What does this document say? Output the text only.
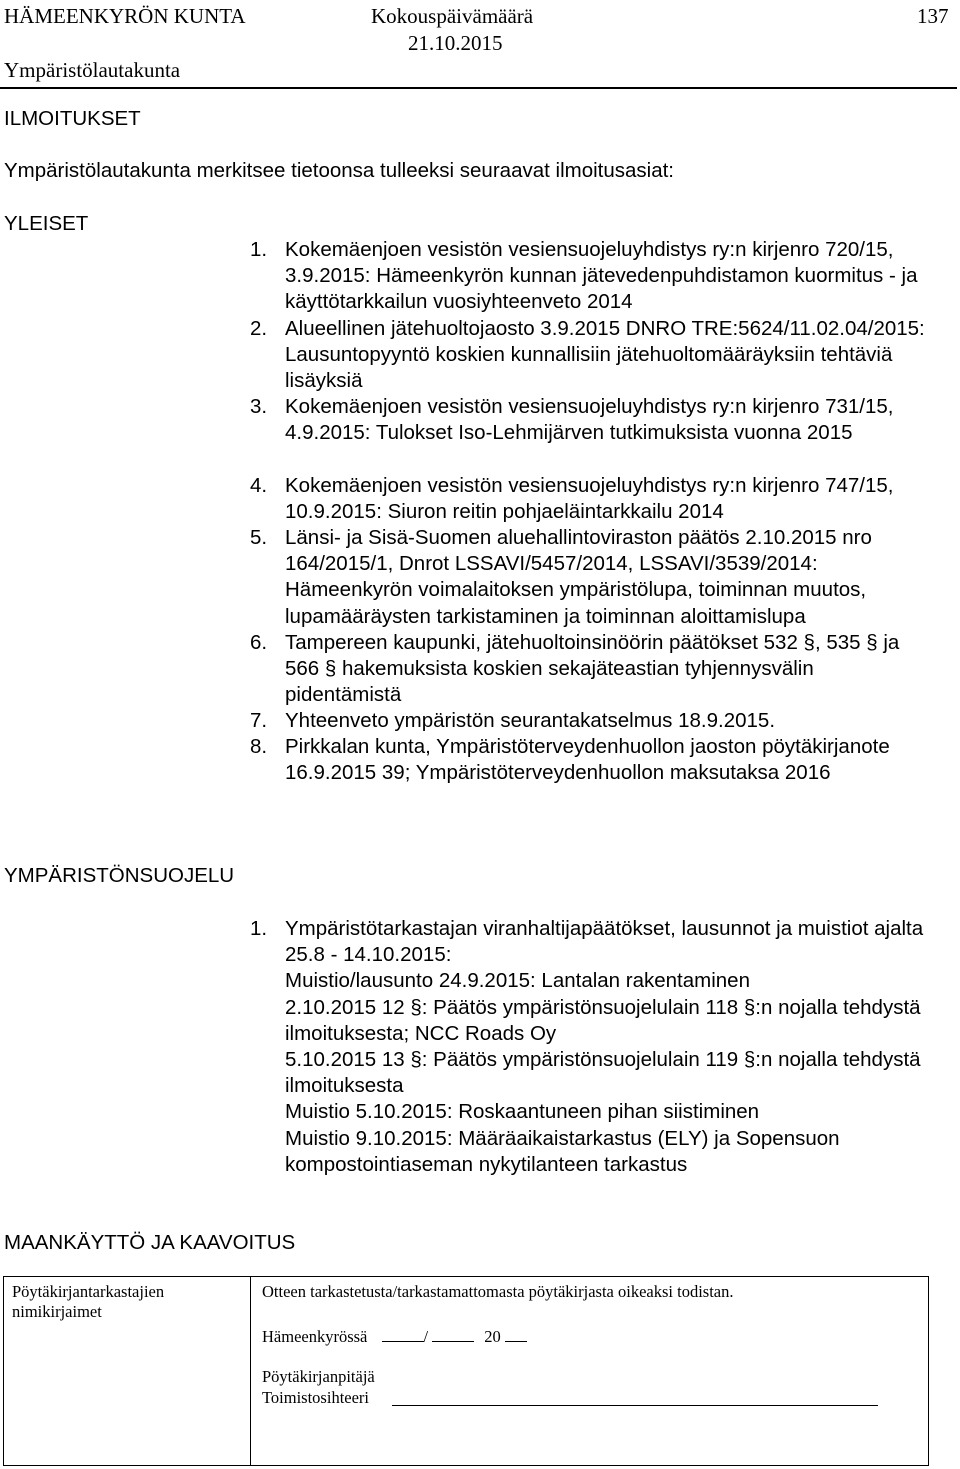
HÄMEENKYRÖN KUNTA	Kokouspäivämäärä	137
21.10.2015
Ympäristölautakunta
ILMOITUKSET
Ympäristölautakunta merkitsee tietoonsa tulleeksi seuraavat ilmoitusasiat:
YLEISET
1. Kokemäenjoen vesistön vesiensuojeluyhdistys ry:n kirjenro 720/15, 3.9.2015: Hämeenkyrön kunnan jätevedenpuhdistamon kuormitus - ja käyttötarkkailun vuosiyhteenveto 2014
2. Alueellinen jätehuoltojaosto 3.9.2015 DNRO TRE:5624/11.02.04/2015: Lausuntopyyntö koskien kunnallisiin jätehuoltomääräyksiin tehtäviä lisäyksiä
3. Kokemäenjoen vesistön vesiensuojeluyhdistys ry:n kirjenro 731/15, 4.9.2015: Tulokset Iso-Lehmijärven tutkimuksista vuonna 2015
4. Kokemäenjoen vesistön vesiensuojeluyhdistys ry:n kirjenro 747/15, 10.9.2015: Siuron reitin pohjaeläintarkkailu 2014
5. Länsi- ja Sisä-Suomen aluehallintoviraston päätös 2.10.2015 nro 164/2015/1, Dnrot LSSAVI/5457/2014, LSSAVI/3539/2014: Hämeenkyrön voimalaitoksen ympäristölupa, toiminnan muutos, lupamääräysten tarkistaminen ja toiminnan aloittamislupa
6. Tampereen kaupunki, jätehuoltoinsinöörin päätökset 532 §, 535 § ja 566 § hakemuksista koskien sekajäteastian tyhjennysvälin pidentämistä
7. Yhteenveto ympäristön seurantakatselmus 18.9.2015.
8. Pirkkalan kunta, Ympäristöterveydenhuollon jaoston pöytäkirjanote 16.9.2015 39; Ympäristöterveydenhuollon maksutaksa 2016
YMPÄRISTÖNSUOJELU
1. Ympäristötarkastajan viranhaltijapäätökset, lausunnot ja muistiot ajalta 25.8 - 14.10.2015:
Muistio/lausunto 24.9.2015: Lantalan rakentaminen
2.10.2015 12 §: Päätös ympäristönsuojelulain 118 §:n nojalla tehdystä ilmoituksesta; NCC Roads Oy
5.10.2015 13 §: Päätös ympäristönsuojelulain 119 §:n nojalla tehdystä ilmoituksesta
Muistio 5.10.2015: Roskaantuneen pihan siistiminen
Muistio 9.10.2015: Määräaikaistarkastus (ELY) ja Sopensuon kompostointiaseman nykytilanteen tarkastus
MAANKÄYTTÖ JA KAAVOITUS
Pöytäkirjantarkastajien nimikirjaimet
Otteen tarkastetusta/tarkastamattomasta pöytäkirjasta oikeaksi todistan.
Hämeenkyrössä	/	20
Pöytäkirjanpitäjä
Toimistosihteeri
